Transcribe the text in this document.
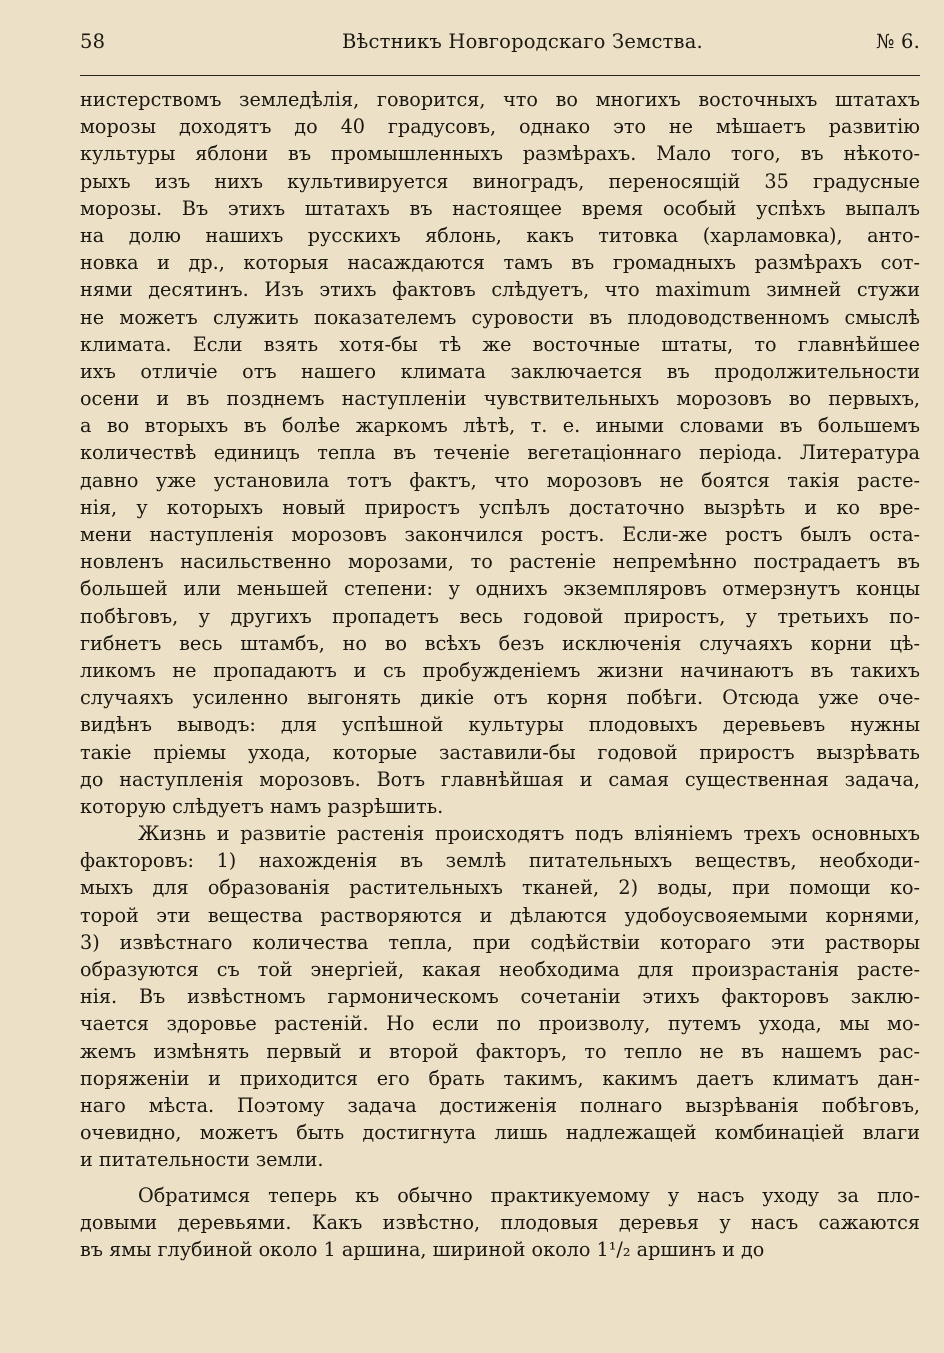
58	Вѣстникъ Новгородскаго Земства.	№ 6.
нистерствомъ земледѣлія, говорится, что во многихъ восточныхъ штатахъ
морозы доходятъ до 40 градусовъ, однако это не мѣшаетъ развитію
культуры яблони въ промышленныхъ размѣрахъ. Мало того, въ нѣкото-
рыхъ изъ нихъ культивируется виноградъ, переносящій 35 градусные
морозы. Въ этихъ штатахъ въ настоящее время особый успѣхъ выпалъ
на долю нашихъ русскихъ яблонь, какъ титовка (харламовка), анто-
новка и др., которыя насаждаются тамъ въ громадныхъ размѣрахъ сот-
нями десятинъ. Изъ этихъ фактовъ слѣдуетъ, что maximum зимней стужи
не можетъ служить показателемъ суровости въ плодоводственномъ смыслѣ
климата. Если взять хотя-бы тѣ же восточные штаты, то главнѣйшее
ихъ отличіе отъ нашего климата заключается въ продолжительности
осени и въ позднемъ наступленіи чувствительныхъ морозовъ во первыхъ,
а во вторыхъ въ болѣе жаркомъ лѣтѣ, т. е. иными словами въ большемъ
количествѣ единицъ тепла въ теченіе вегетаціоннаго періода. Литература
давно уже установила тотъ фактъ, что морозовъ не боятся такія расте-
нія, у которыхъ новый приростъ успѣлъ достаточно вызрѣть и ко вре-
мени наступленія морозовъ закончился ростъ. Если-же ростъ былъ оста-
новленъ насильственно морозами, то растеніе непремѣнно пострадаетъ въ
большей или меньшей степени: у однихъ экземпляровъ отмерзнутъ концы
побѣговъ, у другихъ пропадетъ весь годовой приростъ, у третьихъ по-
гибнетъ весь штамбъ, но во всѣхъ безъ исключенія случаяхъ корни цѣ-
ликомъ не пропадаютъ и съ пробужденіемъ жизни начинаютъ въ такихъ
случаяхъ усиленно выгонять дикіе отъ корня побѣги. Отсюда уже оче-
видѣнъ выводъ: для успѣшной культуры плодовыхъ деревьевъ нужны
такіе пріемы ухода, которые заставили-бы годовой приростъ вызрѣвать
до наступленія морозовъ. Вотъ главнѣйшая и самая существенная задача,
которую слѣдуетъ намъ разрѣшить.
Жизнь и развитіе растенія происходятъ подъ вліяніемъ трехъ основныхъ
факторовъ: 1) нахожденія въ землѣ питательныхъ веществъ, необходи-
мыхъ для образованія растительныхъ тканей, 2) воды, при помощи ко-
торой эти вещества растворяются и дѣлаются удобоусвояемыми корнями,
3) извѣстнаго количества тепла, при содѣйствіи котораго эти растворы
образуются съ той энергіей, какая необходима для произрастанія расте-
нія. Въ извѣстномъ гармоническомъ сочетаніи этихъ факторовъ заклю-
чается здоровье растеній. Но если по произволу, путемъ ухода, мы мо-
жемъ измѣнять первый и второй факторъ, то тепло не въ нашемъ рас-
поряженіи и приходится его брать такимъ, какимъ даетъ климатъ дан-
наго мѣста. Поэтому задача достиженія полнаго вызрѣванія побѣговъ,
очевидно, можетъ быть достигнута лишь надлежащей комбинаціей влаги
и питательности земли.
Обратимся теперь къ обычно практикуемому у насъ уходу за пло-
довыми деревьями. Какъ извѣстно, плодовыя деревья у насъ сажаются
въ ямы глубиной около 1 аршина, шириной около 1¹/₂ аршинъ и до
